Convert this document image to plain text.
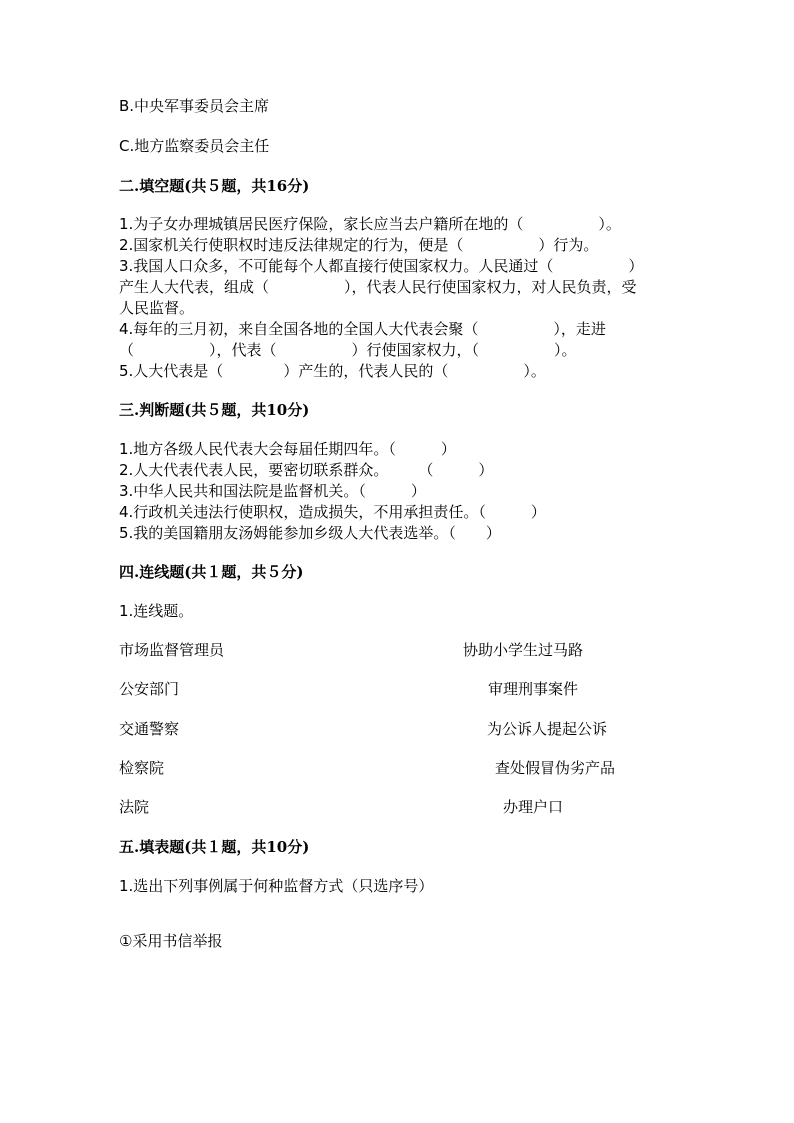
B.中央军事委员会主席
C.地方监察委员会主任
二.填空题(共５题，共16分)
1.为子女办理城镇居民医疗保险，家长应当去户籍所在地的（　　　　　）。
2.国家机关行使职权时违反法律规定的行为，便是（　　　　　）行为。
3.我国人口众多，不可能每个人都直接行使国家权力。人民通过（　　　　　）
产生人大代表，组成（　　　　　），代表人民行使国家权力，对人民负责，受
人民监督。
4.每年的三月初，来自全国各地的全国人大代表会聚（　　　　　），走进
（　　　　　），代表（　　　　　）行使国家权力，（　　　　　）。
5.人大代表是（　　　　）产生的，代表人民的（　　　　　）。
三.判断题(共５题，共10分)
1.地方各级人民代表大会每届任期四年。（　　　）
2.人大代表代表人民，要密切联系群众。　　　（　　　）
3.中华人民共和国法院是监督机关。（　　　）
4.行政机关违法行使职权，造成损失，不用承担责任。（　　　）
5.我的美国籍朋友汤姆能参加乡级人大代表选举。（　　）
四.连线题(共１题，共５分)
1.连线题。
市场监督管理员	协助小学生过马路
公安部门	审理刑事案件
交通警察	为公诉人提起公诉
检察院	查处假冒伪劣产品
法院	办理户口
五.填表题(共１题，共10分)
1.选出下列事例属于何种监督方式（只选序号）
①采用书信举报
